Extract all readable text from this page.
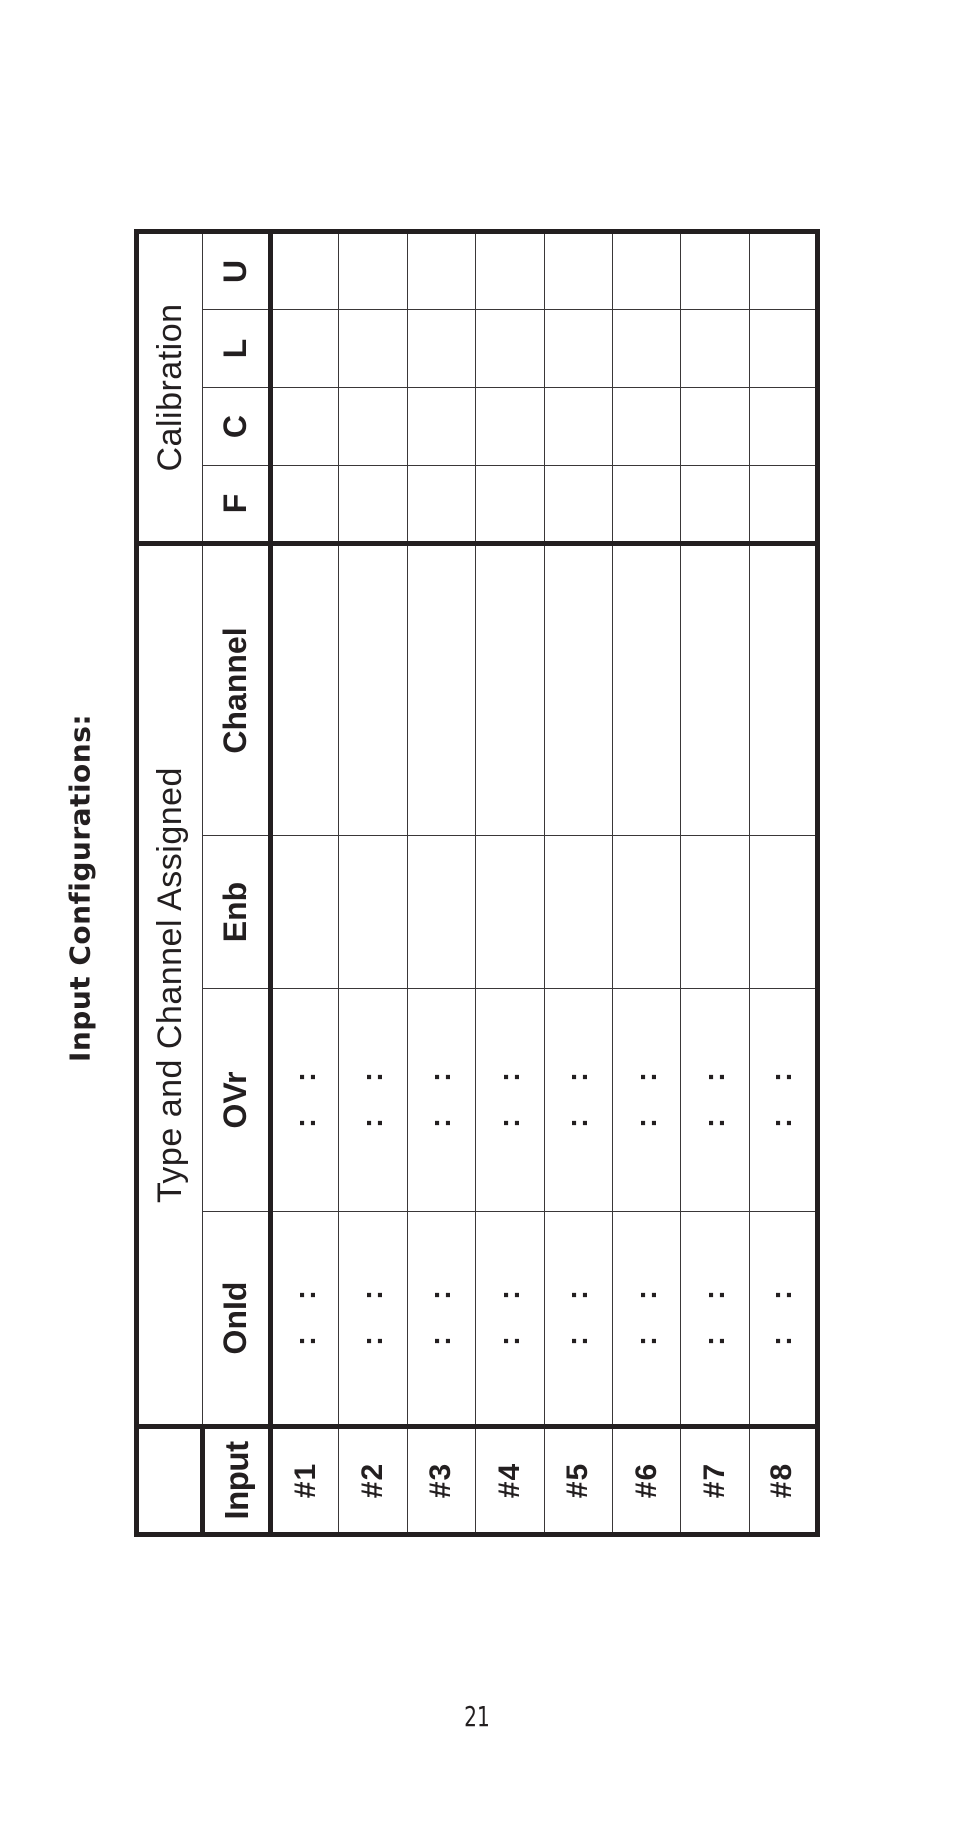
Input Configurations:
	Type and Channel Assigned				Calibration			
Input	OnId	OVr	Enb	Channel	F	C	L	U
#1	::	::						
#2	::	::						
#3	::	::						
#4	::	::						
#5	::	::						
#6	::	::						
#7	::	::						
#8	::	::						
21
